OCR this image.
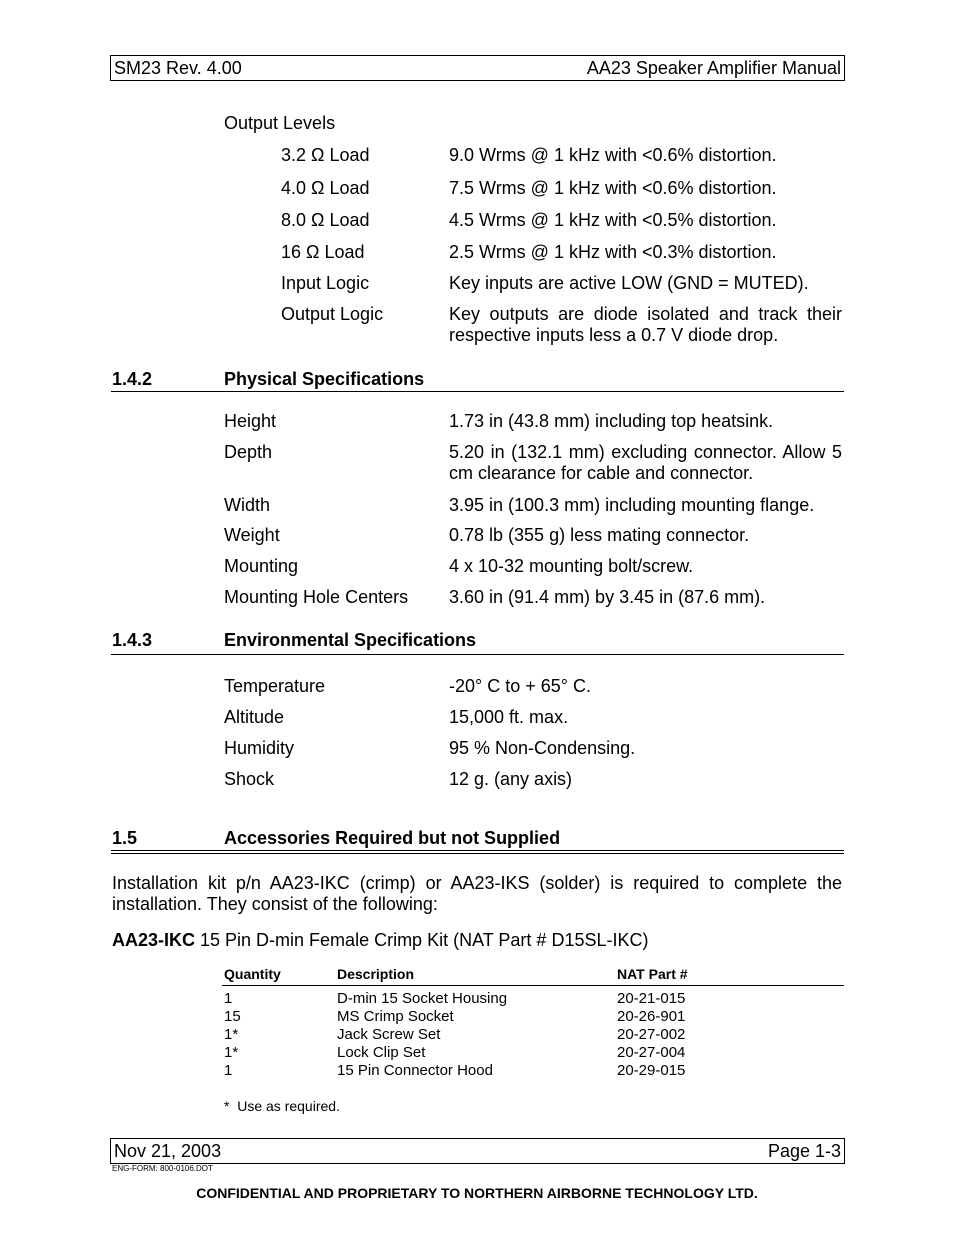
SM23 Rev. 4.00	AA23 Speaker Amplifier Manual
Output Levels
3.2 Ω Load	9.0 Wrms @ 1 kHz with <0.6% distortion.
4.0 Ω Load	7.5 Wrms @ 1 kHz with <0.6% distortion.
8.0 Ω Load	4.5 Wrms @ 1 kHz with <0.5% distortion.
16 Ω Load	2.5 Wrms @ 1 kHz with <0.3% distortion.
Input Logic	Key inputs are active LOW (GND = MUTED).
Output Logic	Key outputs are diode isolated and track their respective inputs less a 0.7 V diode drop.
1.4.2	Physical Specifications
Height	1.73 in (43.8 mm) including top heatsink.
Depth	5.20 in (132.1 mm) excluding connector. Allow 5 cm clearance for cable and connector.
Width	3.95 in (100.3 mm) including mounting flange.
Weight	0.78 lb (355 g) less mating connector.
Mounting	4 x 10-32 mounting bolt/screw.
Mounting Hole Centers 3.60 in (91.4 mm) by 3.45 in (87.6 mm).
1.4.3	Environmental Specifications
Temperature	-20° C to + 65° C.
Altitude	15,000 ft. max.
Humidity	95 % Non-Condensing.
Shock	12 g. (any axis)
1.5	Accessories Required but not Supplied
Installation kit p/n AA23-IKC (crimp) or AA23-IKS (solder) is required to complete the installation. They consist of the following:
AA23-IKC 15 Pin D-min Female Crimp Kit (NAT Part # D15SL-IKC)
Quantity	Description	NAT Part #
1	D-min 15 Socket Housing	20-21-015
15	MS Crimp Socket	20-26-901
1*	Jack Screw Set	20-27-002
1*	Lock Clip Set	20-27-004
1	15 Pin Connector Hood	20-29-015
*  Use as required.
Nov 21, 2003	Page 1-3
ENG-FORM: 800-0106.DOT
CONFIDENTIAL AND PROPRIETARY TO NORTHERN AIRBORNE TECHNOLOGY LTD.
